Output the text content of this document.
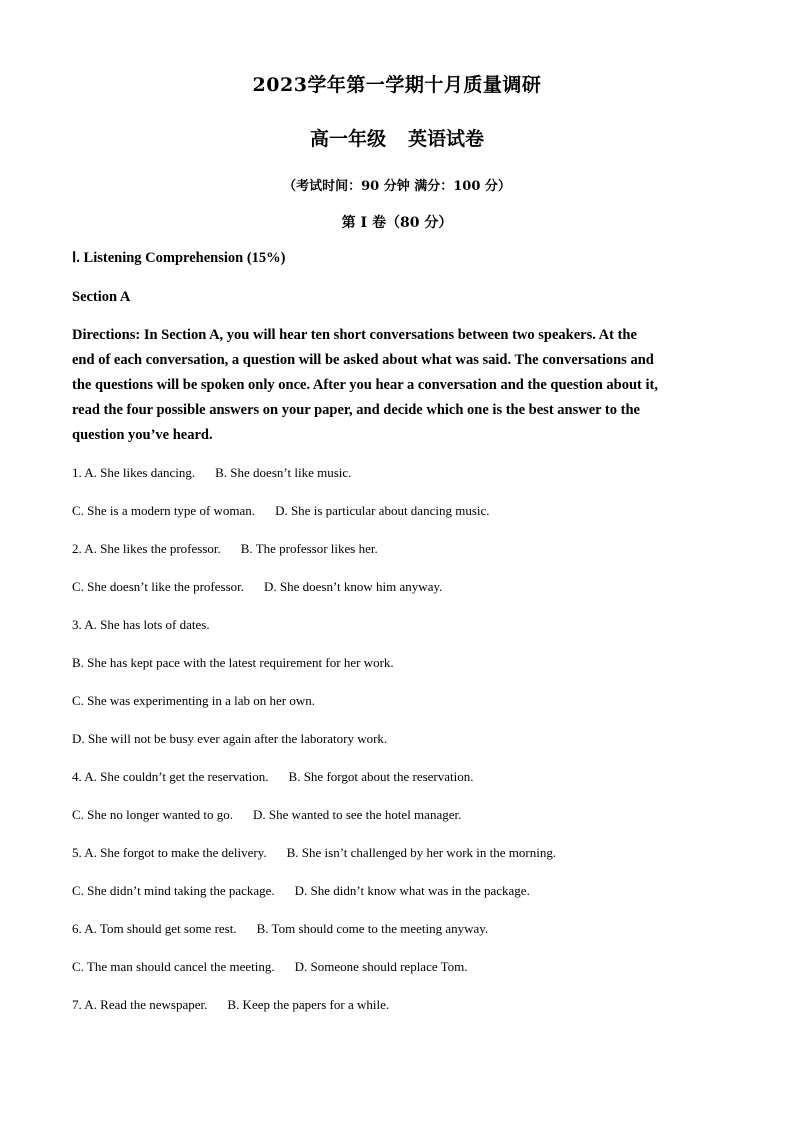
2023学年第一学期十月质量调研
高一年级 英语试卷
（考试时间：90 分钟 满分：100 分）
第 I 卷（80 分）
Ⅰ. Listening Comprehension (15%)
Section A
Directions: In Section A, you will hear ten short conversations between two speakers. At the
end of each conversation, a question will be asked about what was said. The conversations and
the questions will be spoken only once. After you hear a conversation and the question about it,
read the four possible answers on your paper, and decide which one is the best answer to the
question you’ve heard.
1. A. She likes dancing. B. She doesn’t like music.
C. She is a modern type of woman. D. She is particular about dancing music.
2. A. She likes the professor. B. The professor likes her.
C. She doesn’t like the professor. D. She doesn’t know him anyway.
3. A. She has lots of dates.
B. She has kept pace with the latest requirement for her work.
C. She was experimenting in a lab on her own.
D. She will not be busy ever again after the laboratory work.
4. A. She couldn’t get the reservation. B. She forgot about the reservation.
C. She no longer wanted to go. D. She wanted to see the hotel manager.
5. A. She forgot to make the delivery. B. She isn’t challenged by her work in the morning.
C. She didn’t mind taking the package. D. She didn’t know what was in the package.
6. A. Tom should get some rest. B. Tom should come to the meeting anyway.
C. The man should cancel the meeting. D. Someone should replace Tom.
7. A. Read the newspaper. B. Keep the papers for a while.
